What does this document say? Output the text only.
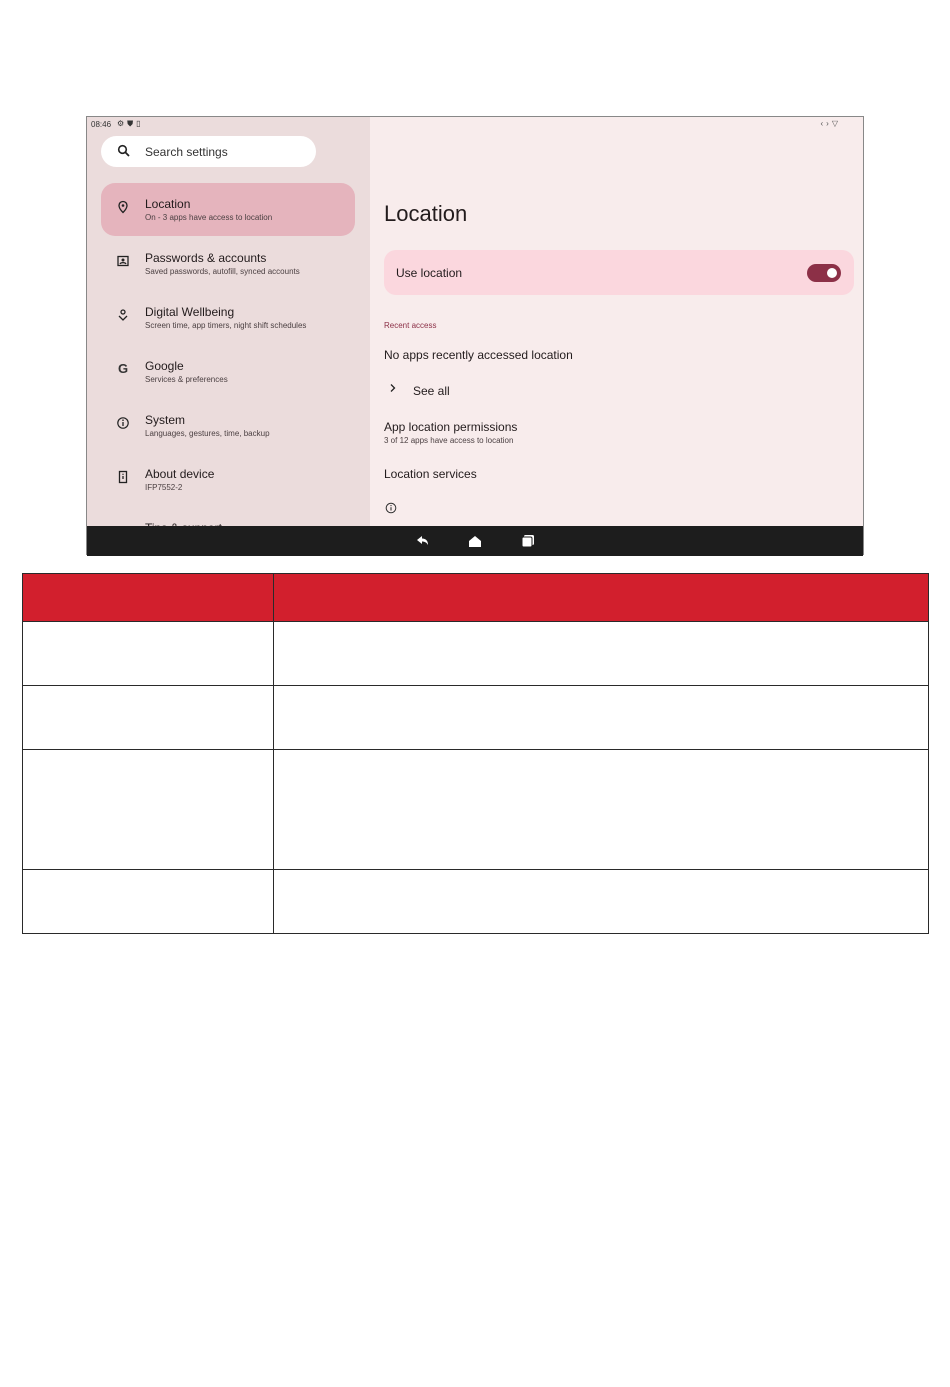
08:46 ⚙⛊▯
Search settings
Location
On - 3 apps have access to location
Passwords & accounts
Saved passwords, autofill, synced accounts
Digital Wellbeing
Screen time, app timers, night shift schedules
G Google
Services & preferences
System
Languages, gestures, time, backup
About device
IFP7552-2
‹›▽
Location
Use location
Recent access
No apps recently accessed location
See all
App location permissions
3 of 12 apps have access to location
Location services
